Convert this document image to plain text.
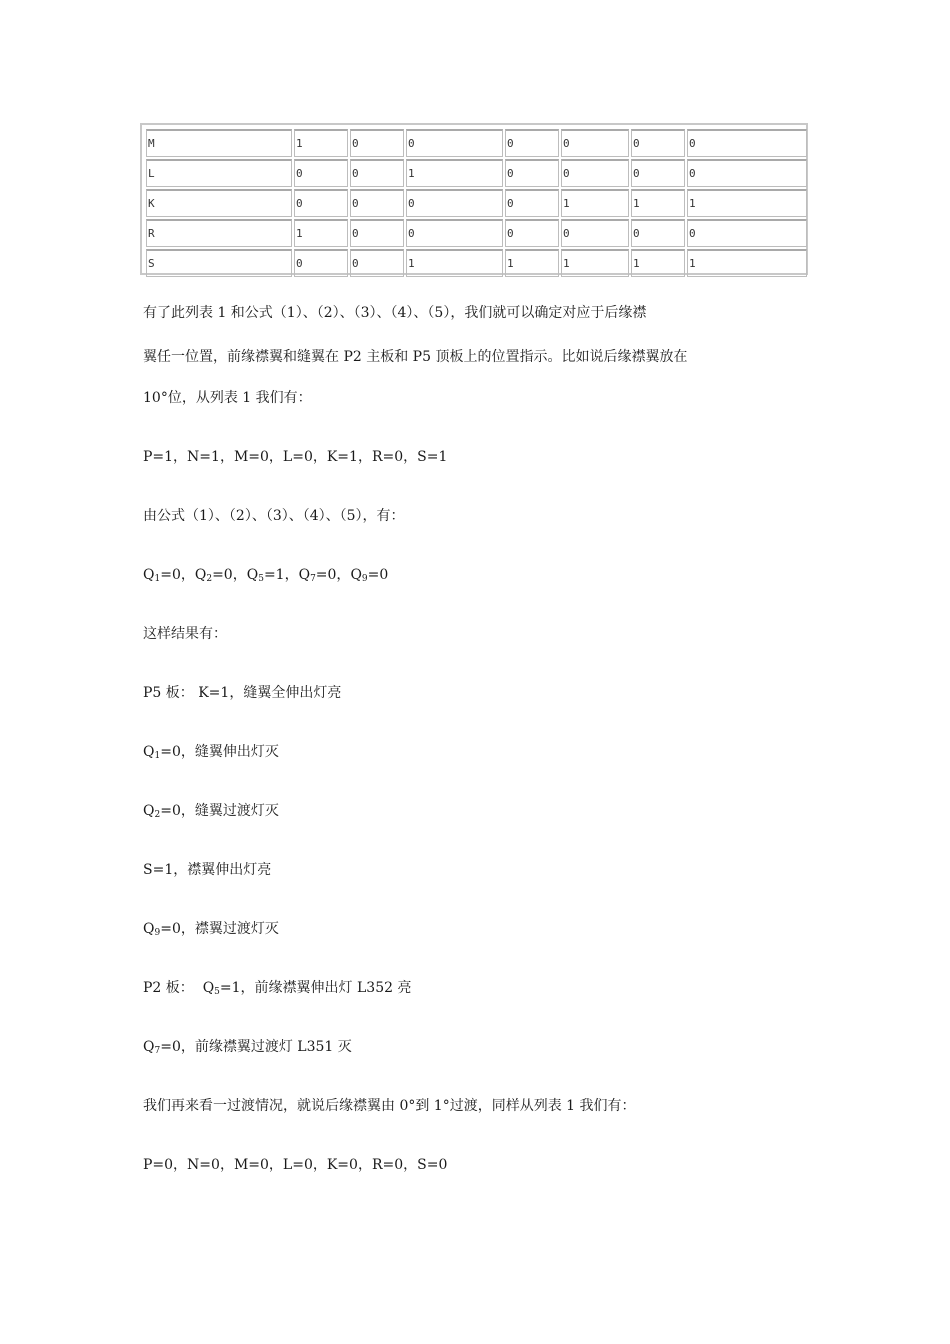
M	1	0	0	0	0	0	0
L	0	0	1	0	0	0	0
K	0	0	0	0	1	1	1
R	1	0	0	0	0	0	0
S	0	0	1	1	1	1	1
有了此列表 1 和公式（1）、（2）、（3）、（4）、（5），我们就可以确定对应于后缘襟
翼任一位置，前缘襟翼和缝翼在 P2 主板和 P5 顶板上的位置指示。比如说后缘襟翼放在
10°位，从列表 1 我们有：
P=1，N=1，M=0，L=0，K=1，R=0，S=1
由公式（1）、（2）、（3）、（4）、（5），有：
$Q_1=0$，$Q_2=0$，$Q_5=1$，$Q_7=0$，$Q_9=0$
这样结果有：
P5 板： K=1，缝翼全伸出灯亮
$Q_1=0$，缝翼伸出灯灭
$Q_2=0$，缝翼过渡灯灭
S=1，襟翼伸出灯亮
$Q_9=0$，襟翼过渡灯灭
P2 板：  $Q_5=1$，前缘襟翼伸出灯 L352 亮
$Q_7=0$，前缘襟翼过渡灯 L351 灭
我们再来看一过渡情况，就说后缘襟翼由 0°到 1°过渡，同样从列表 1 我们有：
P=0，N=0，M=0，L=0，K=0，R=0，S=0
